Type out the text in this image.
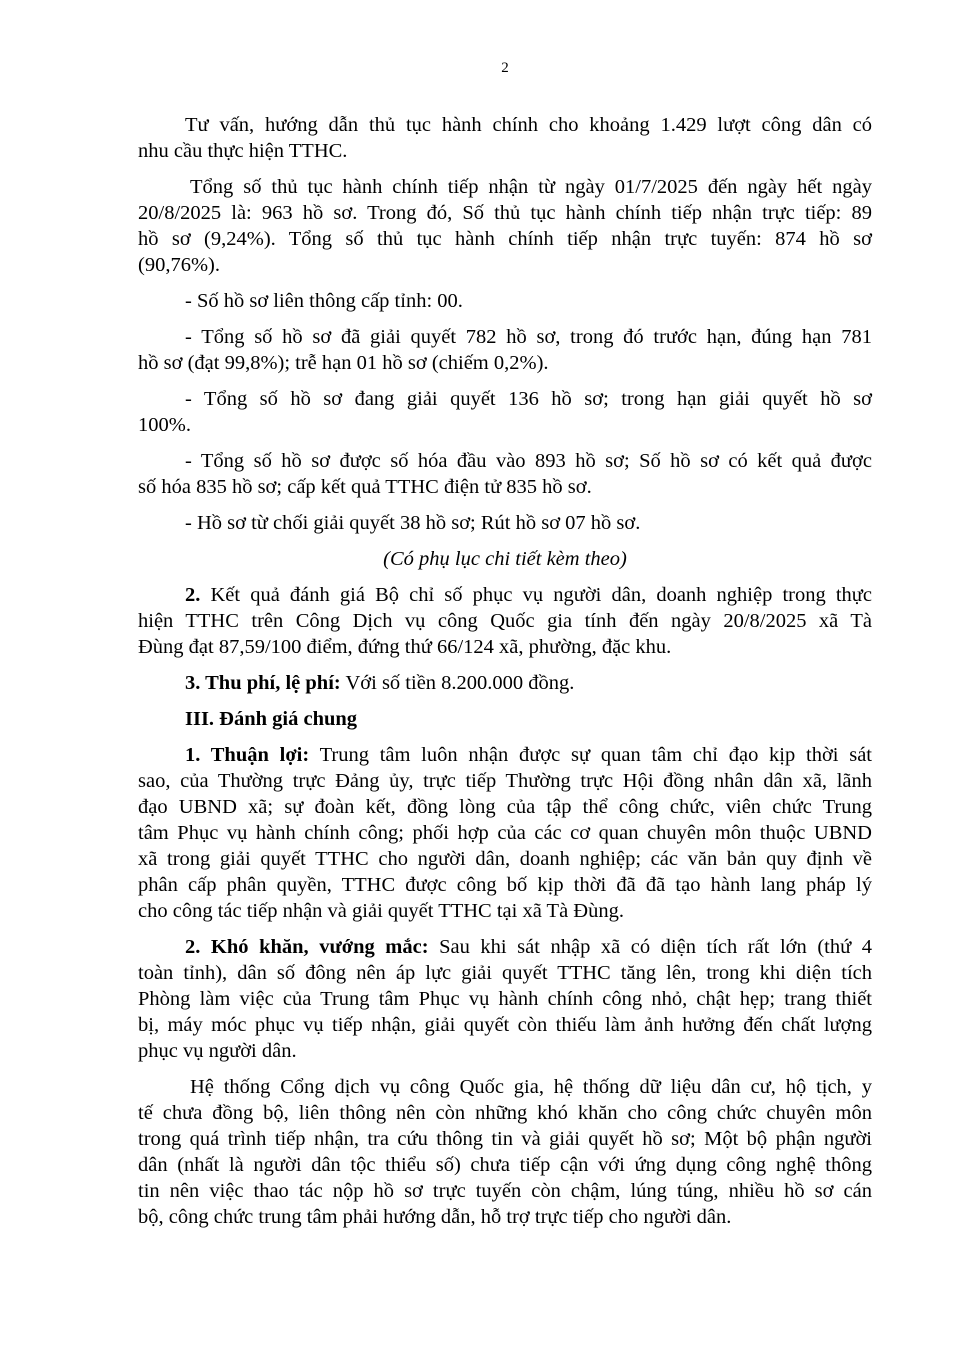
2
Tư vấn, hướng dẫn thủ tục hành chính cho khoảng 1.429 lượt công dân có
nhu cầu thực hiện TTHC.
Tổng số thủ tục hành chính tiếp nhận từ ngày 01/7/2025 đến ngày hết ngày
20/8/2025 là: 963 hồ sơ. Trong đó, Số thủ tục hành chính tiếp nhận trực tiếp: 89
hồ sơ (9,24%). Tổng số thủ tục hành chính tiếp nhận trực tuyến: 874 hồ sơ
(90,76%).
- Số hồ sơ liên thông cấp tỉnh: 00.
- Tổng số hồ sơ đã giải quyết 782 hồ sơ, trong đó trước hạn, đúng hạn 781
hồ sơ (đạt 99,8%); trễ hạn 01 hồ sơ (chiếm 0,2%).
- Tổng số hồ sơ đang giải quyết 136 hồ sơ; trong hạn giải quyết hồ sơ
100%.
- Tổng số hồ sơ được số hóa đầu vào 893 hồ sơ; Số hồ sơ có kết quả được
số hóa 835 hồ sơ; cấp kết quả TTHC điện tử 835 hồ sơ.
- Hồ sơ từ chối giải quyết 38 hồ sơ; Rút hồ sơ 07 hồ sơ.
(Có phụ lục chi tiết kèm theo)
2. Kết quả đánh giá Bộ chỉ số phục vụ người dân, doanh nghiệp trong thực
hiện TTHC trên Công Dịch vụ công Quốc gia tính đến ngày 20/8/2025 xã Tà
Đùng đạt 87,59/100 điểm, đứng thứ 66/124 xã, phường, đặc khu.
3. Thu phí, lệ phí: Với số tiền 8.200.000 đồng.
III. Đánh giá chung
1. Thuận lợi: Trung tâm luôn nhận được sự quan tâm chỉ đạo kịp thời sát
sao, của Thường trực Đảng ủy, trực tiếp Thường trực Hội đồng nhân dân xã, lãnh
đạo UBND xã; sự đoàn kết, đồng lòng của tập thể công chức, viên chức Trung
tâm Phục vụ hành chính công; phối hợp của các cơ quan chuyên môn thuộc UBND
xã trong giải quyết TTHC cho người dân, doanh nghiệp; các văn bản quy định về
phân cấp phân quyền, TTHC được công bố kịp thời đã đã tạo hành lang pháp lý
cho công tác tiếp nhận và giải quyết TTHC tại xã Tà Đùng.
2. Khó khăn, vướng mắc: Sau khi sát nhập xã có diện tích rất lớn (thứ 4
toàn tỉnh), dân số đông nên áp lực giải quyết TTHC tăng lên, trong khi diện tích
Phòng làm việc của Trung tâm Phục vụ hành chính công nhỏ, chật hẹp; trang thiết
bị, máy móc phục vụ tiếp nhận, giải quyết còn thiếu làm ảnh hưởng đến chất lượng
phục vụ người dân.
Hệ thống Cổng dịch vụ công Quốc gia, hệ thống dữ liệu dân cư, hộ tịch, y
tế chưa đồng bộ, liên thông nên còn những khó khăn cho công chức chuyên môn
trong quá trình tiếp nhận, tra cứu thông tin và giải quyết hồ sơ; Một bộ phận người
dân (nhất là người dân tộc thiểu số) chưa tiếp cận với ứng dụng công nghệ thông
tin nên việc thao tác nộp hồ sơ trực tuyến còn chậm, lúng túng, nhiều hồ sơ cán
bộ, công chức trung tâm phải hướng dẫn, hỗ trợ trực tiếp cho người dân.
